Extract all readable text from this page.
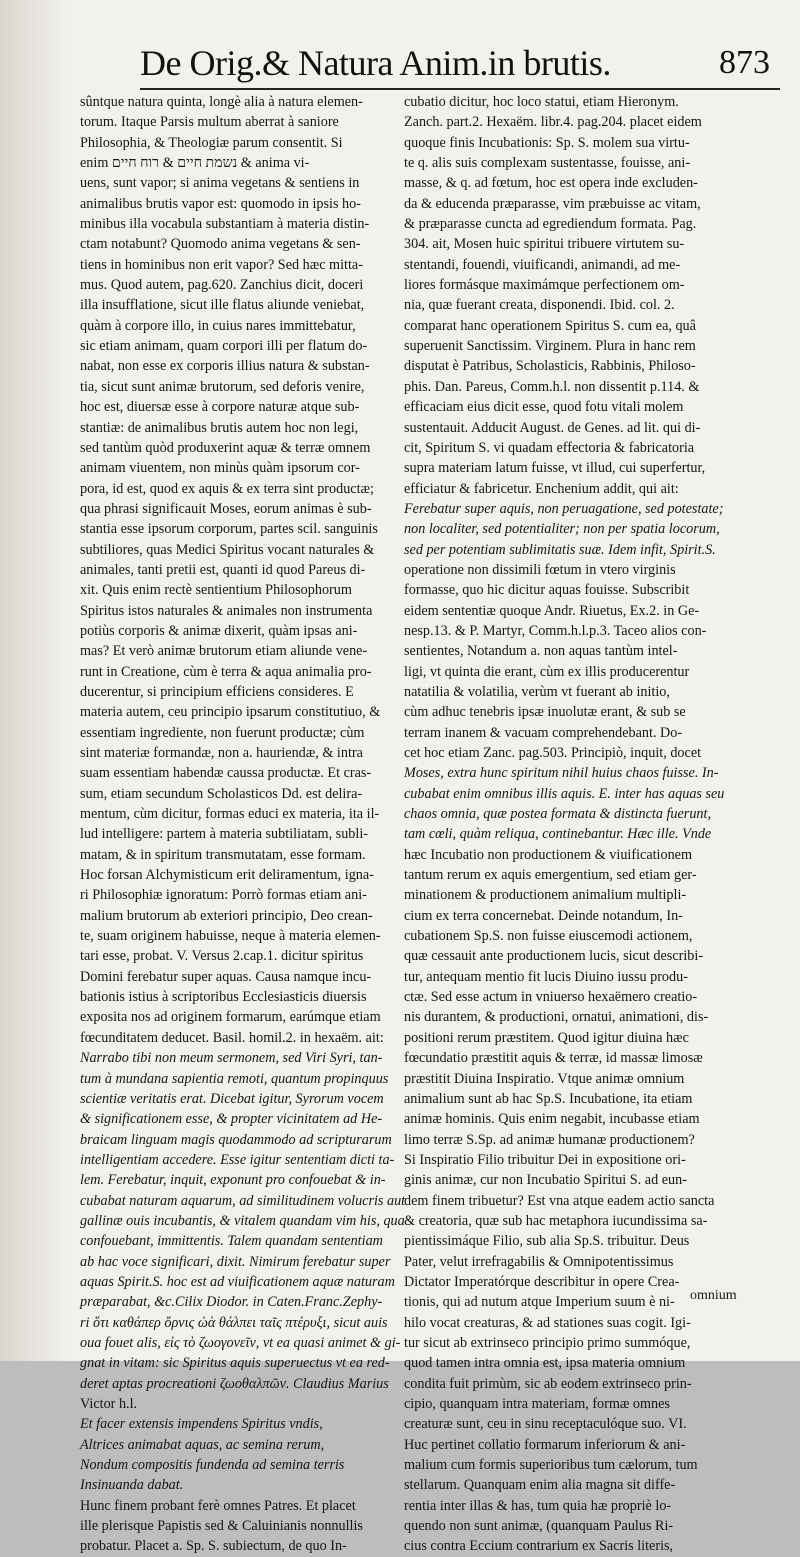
De Orig.& Natura Anim.in brutis.	873
sûntque natura quinta, longè alia à natura elemen-
torum. Itaque Parsis multum aberrat à saniore
Philosophia, & Theologiæ parum consentit. Si
enim נשמת חיים & רוח חיים & anima vi-
uens, sunt vapor; si anima vegetans & sentiens in
animalibus brutis vapor est: quomodo in ipsis ho-
minibus illa vocabula substantiam à materia distin-
ctam notabunt? Quomodo anima vegetans & sen-
tiens in hominibus non erit vapor? Sed hæc mitta-
mus. Quod autem, pag.620. Zanchius dicit, doceri
illa insufflatione, sicut ille flatus aliunde veniebat,
quàm à corpore illo, in cuius nares immittebatur,
sic etiam animam, quam corpori illi per flatum do-
nabat, non esse ex corporis illius natura & substan-
tia, sicut sunt animæ brutorum, sed deforis venire,
hoc est, diuersæ esse à corpore naturæ atque sub-
stantiæ: de animalibus brutis autem hoc non legi,
sed tantùm quòd produxerint aquæ & terræ omnem
animam viuentem, non minùs quàm ipsorum cor-
pora, id est, quod ex aquis & ex terra sint productæ;
qua phrasi significauit Moses, eorum animas è sub-
stantia esse ipsorum corporum, partes scil. sanguinis
subtiliores, quas Medici Spiritus vocant naturales &
animales, tanti pretii est, quanti id quod Pareus di-
xit. Quis enim rectè sentientium Philosophorum
Spiritus istos naturales & animales non instrumenta
potiùs corporis & animæ dixerit, quàm ipsas ani-
mas? Et verò animæ brutorum etiam aliunde vene-
runt in Creatione, cùm è terra & aqua animalia pro-
ducerentur, si principium efficiens consideres. E
materia autem, ceu principio ipsarum constitutiuo, &
essentiam ingrediente, non fuerunt productæ; cùm
sint materiæ formandæ, non a. hauriendæ, & intra
suam essentiam habendæ caussa productæ. Et cras-
sum, etiam secundum Scholasticos Dd. est delira-
mentum, cùm dicitur, formas educi ex materia, ita il-
lud intelligere: partem à materia subtiliatam, subli-
matam, & in spiritum transmutatam, esse formam.
Hoc forsan Alchymisticum erit deliramentum, igna-
ri Philosophiæ ignoratum: Porrò formas etiam ani-
malium brutorum ab exteriori principio, Deo crean-
te, suam originem habuisse, neque à materia elemen-
tari esse, probat. V. Versus 2.cap.1. dicitur spiritus
Domini ferebatur super aquas. Causa namque incu-
bationis istius à scriptoribus Ecclesiasticis diuersis
exposita nos ad originem formarum, earúmque etiam
fœcunditatem deducet. Basil. homil.2. in hexaëm. ait:
Narrabo tibi non meum sermonem, sed Viri Syri, tan-
tum à mundana sapientia remoti, quantum propinquus
scientiæ veritatis erat. Dicebat igitur, Syrorum vocem
& significationem esse, & propter vicinitatem ad He-
braicam linguam magis quodammodo ad scripturarum
intelligentiam accedere. Esse igitur sententiam dicti ta-
lem. Ferebatur, inquit, exponunt pro confouebat & in-
cubabat naturam aquarum, ad similitudinem volucris aut
gallinæ ouis incubantis, & vitalem quandam vim his, qua
confouebant, immittentis. Talem quandam sententiam
ab hac voce significari, dixit. Nimirum ferebatur super
aquas Spirit.S. hoc est ad viuificationem aquæ naturam
præparabat, &c.Cilix Diodor. in Caten.Franc.Zephy-
ri ὅτι καθάπερ ὄρνις ὠὰ θάλπει ταῖς πτέρυξι, sicut auis
oua fouet alis, εἰς τὸ ζωογονεῖν, vt ea quasi animet & gi-
gnat in vitam: sic Spiritus aquis superuectus vt ea red-
deret aptas procreationi ζωοθαλπῶν. Claudius Marius
Victor h.l.
Et facer extensis impendens Spiritus vndis,
Altrices animabat aquas, ac semina rerum,
Nondum compositis fundenda ad semina terris
Insinuanda dabat.
Hunc finem probant ferè omnes Patres. Et placet
ille plerisque Papistis sed & Caluinianis nonnullis
probatur. Placet a. Sp. S. subiectum, de quo In-
cubatio dicitur, hoc loco statui, etiam Hieronym.
Zanch. part.2. Hexaëm. libr.4. pag.204. placet eidem
quoque finis Incubationis: Sp. S. molem sua virtu-
te q. alis suis complexam sustentasse, fouisse, ani-
masse, & q. ad fœtum, hoc est opera inde excluden-
da & educenda præparasse, vim præbuisse ac vitam,
& præparasse cuncta ad egrediendum formata. Pag.
304. ait, Mosen huic spiritui tribuere virtutem su-
stentandi, fouendi, viuificandi, animandi, ad me-
liores formásque maximámque perfectionem om-
nia, quæ fuerant creata, disponendi. Ibid. col. 2.
comparat hanc operationem Spiritus S. cum ea, quâ
superuenit Sanctissim. Virginem. Plura in hanc rem
disputat è Patribus, Scholasticis, Rabbinis, Philoso-
phis. Dan. Pareus, Comm.h.l. non dissentit p.114. &
efficaciam eius dicit esse, quod fotu vitali molem
sustentauit. Adducit August. de Genes. ad lit. qui di-
cit, Spiritum S. vi quadam effectoria & fabricatoria
supra materiam latum fuisse, vt illud, cui superfertur,
efficiatur & fabricetur. Enchenium addit, qui ait:
Ferebatur super aquis, non peruagatione, sed potestate;
non localiter, sed potentialiter; non per spatia locorum,
sed per potentiam sublimitatis suæ. Idem infit, Spirit.S.
operatione non dissimili fœtum in vtero virginis
formasse, quo hic dicitur aquas fouisse. Subscribit
eidem sententiæ quoque Andr. Riuetus, Ex.2. in Ge-
nesp.13. & P. Martyr, Comm.h.l.p.3. Taceo alios con-
sentientes, Notandum a. non aquas tantùm intel-
ligi, vt quinta die erant, cùm ex illis producerentur
natatilia & volatilia, verùm vt fuerant ab initio,
cùm adhuc tenebris ipsæ inuolutæ erant, & sub se
terram inanem & vacuam comprehendebant. Do-
cet hoc etiam Zanc. pag.503. Principiò, inquit, docet
Moses, extra hunc spiritum nihil huius chaos fuisse. In-
cubabat enim omnibus illis aquis. E. inter has aquas seu
chaos omnia, quæ postea formata & distincta fuerunt,
tam cœli, quàm reliqua, continebantur. Hæc ille. Vnde
hæc Incubatio non productionem & viuificationem
tantum rerum ex aquis emergentium, sed etiam ger-
minationem & productionem animalium multipli-
cium ex terra concernebat. Deinde notandum, In-
cubationem Sp.S. non fuisse eiuscemodi actionem,
quæ cessauit ante productionem lucis, sicut describi-
tur, antequam mentio fit lucis Diuino iussu produ-
ctæ. Sed esse actum in vniuerso hexaëmero creatio-
nis durantem, & productioni, ornatui, animationi, dis-
positioni rerum præstitem. Quod igitur diuina hæc
fœcundatio præstitit aquis & terræ, id massæ limosæ
præstitit Diuina Inspiratio. Vtque animæ omnium
animalium sunt ab hac Sp.S. Incubatione, ita etiam
animæ hominis. Quis enim negabit, incubasse etiam
limo terræ S.Sp. ad animæ humanæ productionem?
Si Inspiratio Filio tribuitur Dei in expositione ori-
ginis animæ, cur non Incubatio Spiritui S. ad eun-
dem finem tribuetur? Est vna atque eadem actio sancta
& creatoria, quæ sub hac metaphora iucundissima sa-
pientissimáque Filio, sub alia Sp.S. tribuitur. Deus
Pater, velut irrefragabilis & Omnipotentissimus
Dictator Imperatórque describitur in opere Crea-
tionis, qui ad nutum atque Imperium suum è ni-
hilo vocat creaturas, & ad stationes suas cogit. Igi-
tur sicut ab extrinseco principio primo summóque,
quod tamen intra omnia est, ipsa materia omnium
condita fuit primùm, sic ab eodem extrinseco prin-
cipio, quanquam intra materiam, formæ omnes
creaturæ sunt, ceu in sinu receptaculóque suo. VI.
Huc pertinet collatio formarum inferiorum & ani-
malium cum formis superioribus tum cælorum, tum
stellarum. Quanquam enim alia magna sit diffe-
rentia inter illas & has, tum quia hæ propriè lo-
quendo non sunt animæ, (quanquam Paulus Ri-
cius contra Eccium contrarium ex Sacris literis,
omnium
